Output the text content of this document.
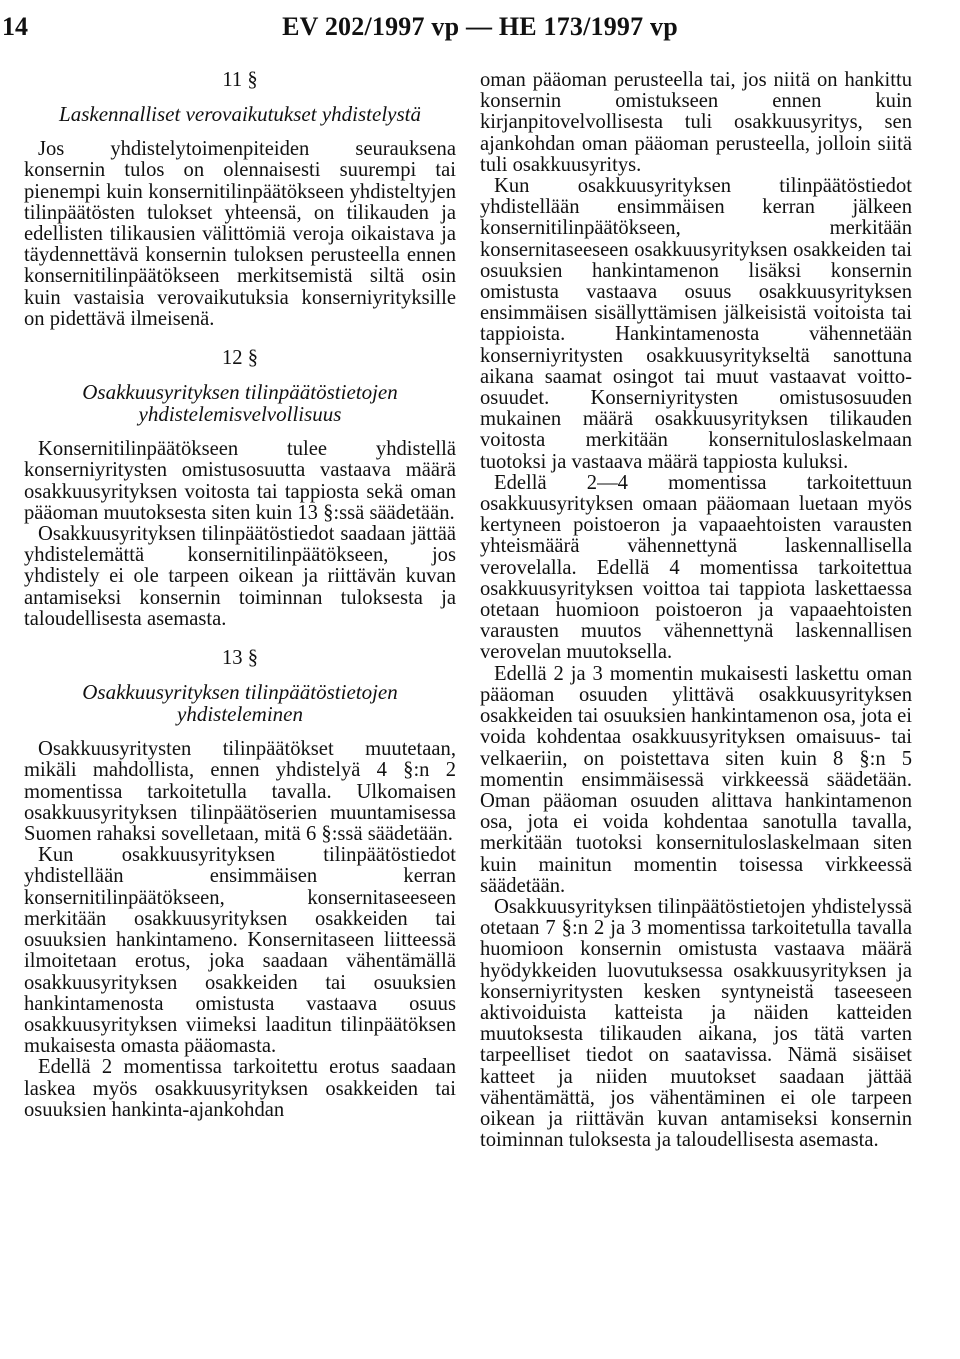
14	EV 202/1997 vp — HE 173/1997 vp
11 §
Laskennalliset verovaikutukset yhdistelystä

Jos yhdistelytoimenpiteiden seurauksena konsernin tulos on olennaisesti suurempi tai pienempi kuin konsernitilinpäätökseen yhdisteltyjen tilinpäätösten tulokset yhteensä, on tilikauden ja edellisten tilikausien välittömiä veroja oikaistava ja täydennettävä konsernin tuloksen perusteella ennen konsernitilinpäätökseen merkitsemistä siltä osin kuin vastaisia verovaikutuksia konserniyrityksille on pidettävä ilmeisenä.

12 §
Osakkuusyrityksen tilinpäätöstietojen yhdistelemisvelvollisuus

Konsernitilinpäätökseen tulee yhdistellä konserniyritysten omistusosuutta vastaava määrä osakkuusyrityksen voitosta tai tappiosta sekä oman pääoman muutoksesta siten kuin 13 §:ssä säädetään.

Osakkuusyrityksen tilinpäätöstiedot saadaan jättää yhdistelemättä konsernitilinpäätökseen, jos yhdistely ei ole tarpeen oikean ja riittävän kuvan antamiseksi konsernin toiminnan tuloksesta ja taloudellisesta asemasta.

13 §
Osakkuusyrityksen tilinpäätöstietojen yhdisteleminen

Osakkuusyritysten tilinpäätökset muutetaan, mikäli mahdollista, ennen yhdistelyä 4 §:n 2 momentissa tarkoitetulla tavalla. Ulkomaisen osakkuusyrityksen tilinpäätöserien muuntamisessa Suomen rahaksi sovelletaan, mitä 6 §:ssä säädetään.

Kun osakkuusyrityksen tilinpäätöstiedot yhdistellään ensimmäisen kerran konsernitilinpäätökseen, konsernitaseeseen merkitään osakkuusyrityksen osakkeiden tai osuuksien hankintameno. Konsernitaseen liitteessä ilmoitetaan erotus, joka saadaan vähentämällä osakkuusyrityksen osakkeiden tai osuuksien hankintamenosta omistusta vastaava osuus osakkuusyrityksen viimeksi laaditun tilinpäätöksen mukaisesta omasta pääomasta.

Edellä 2 momentissa tarkoitettu erotus saadaan laskea myös osakkuusyrityksen osakkeiden tai osuuksien hankinta-ajankohdan

oman pääoman perusteella tai, jos niitä on hankittu konsernin omistukseen ennen kuin kirjanpitovelvollisesta tuli osakkuusyritys, sen ajankohdan oman pääoman perusteella, jolloin siitä tuli osakkuusyritys.

Kun osakkuusyrityksen tilinpäätöstiedot yhdistellään ensimmäisen kerran jälkeen konsernitilinpäätökseen, merkitään konsernitaseeseen osakkuusyrityksen osakkeiden tai osuuksien hankintamenon lisäksi konsernin omistusta vastaava osuus osakkuusyrityksen ensimmäisen sisällyttämisen jälkeisistä voitoista tai tappioista. Hankintamenosta vähennetään konserniyritysten osakkuusyritykseltä sanottuna aikana saamat osingot tai muut vastaavat voitto-osuudet. Konserniyritysten omistusosuuden mukainen määrä osakkuusyrityksen tilikauden voitosta merkitään konsernituloslaskelmaan tuotoksi ja vastaava määrä tappiosta kuluksi.

Edellä 2—4 momentissa tarkoitettuun osakkuusyrityksen omaan pääomaan luetaan myös kertyneen poistoeron ja vapaaehtoisten varausten yhteismäärä vähennettynä laskennallisella verovelalla. Edellä 4 momentissa tarkoitettua osakkuusyrityksen voittoa tai tappiota laskettaessa otetaan huomioon poistoeron ja vapaaehtoisten varausten muutos vähennettynä laskennallisen verovelan muutoksella.

Edellä 2 ja 3 momentin mukaisesti laskettu oman pääoman osuuden ylittävä osakkuusyrityksen osakkeiden tai osuuksien hankintamenon osa, jota ei voida kohdentaa osakkuusyrityksen omaisuus- tai velkaeriin, on poistettava siten kuin 8 §:n 5 momentin ensimmäisessä virkkeessä säädetään. Oman pääoman osuuden alittava hankintamenon osa, jota ei voida kohdentaa sanotulla tavalla, merkitään tuotoksi konsernituloslaskelmaan siten kuin mainitun momentin toisessa virkkeessä säädetään.

Osakkuusyrityksen tilinpäätöstietojen yhdistelyssä otetaan 7 §:n 2 ja 3 momentissa tarkoitetulla tavalla huomioon konsernin omistusta vastaava määrä hyödykkeiden luovutuksessa osakkuusyrityksen ja konserniyritysten kesken syntyneistä taseeseen aktivoiduista katteista ja näiden katteiden muutoksesta tilikauden aikana, jos tätä varten tarpeelliset tiedot on saatavissa. Nämä sisäiset katteet ja niiden muutokset saadaan jättää vähentämättä, jos vähentäminen ei ole tarpeen oikean ja riittävän kuvan antamiseksi konsernin toiminnan tuloksesta ja taloudellisesta asemasta.
